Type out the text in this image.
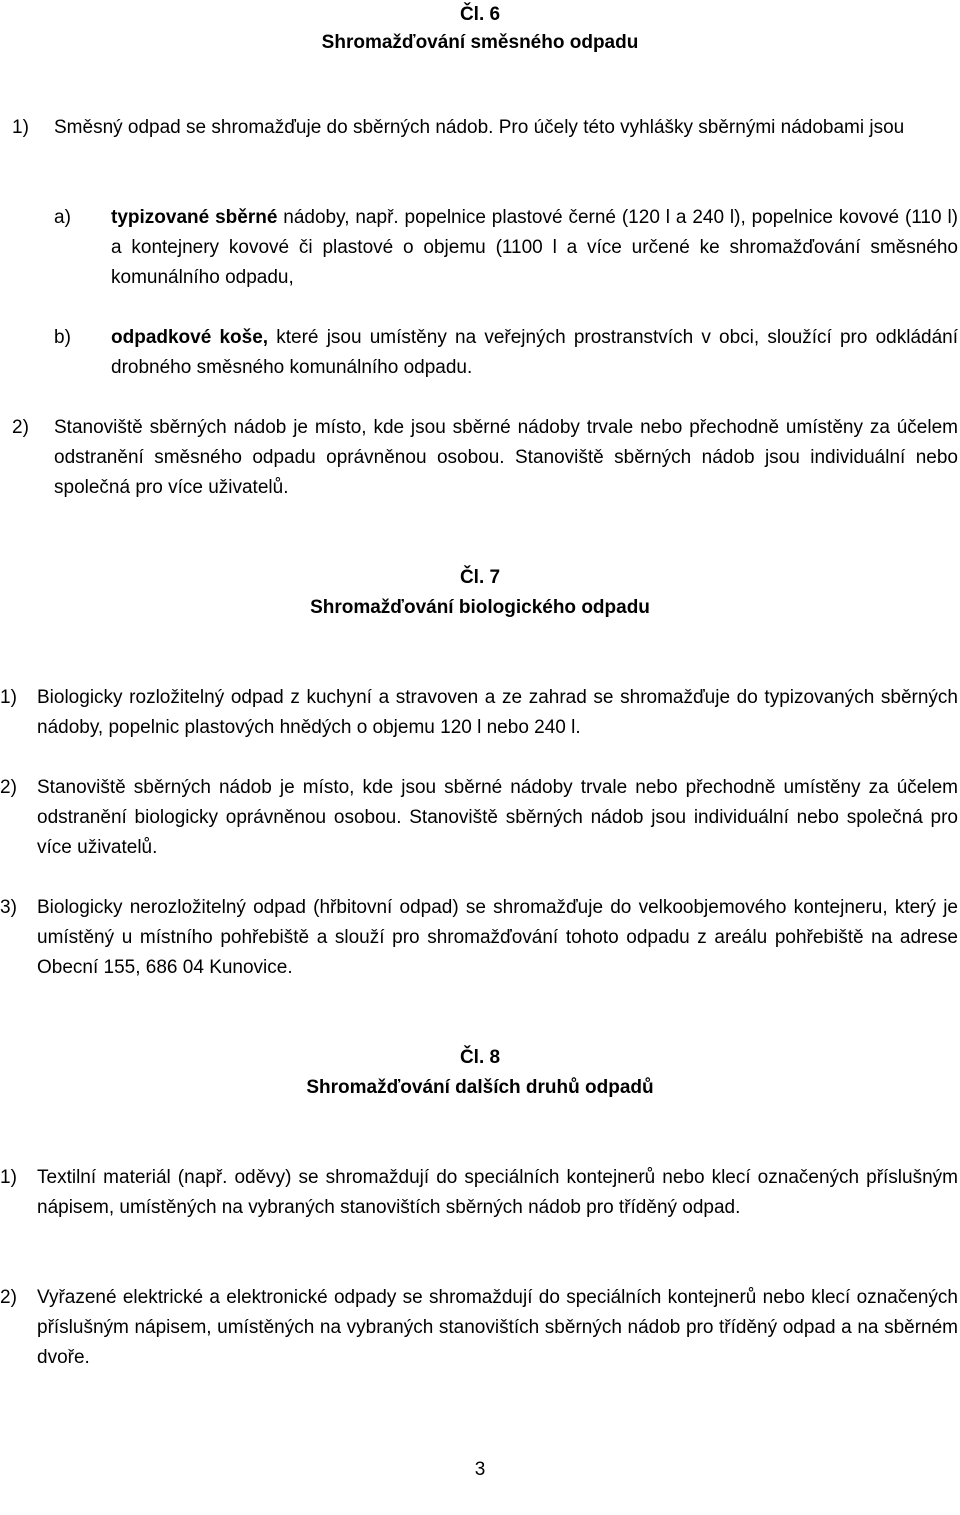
Čl. 6
Shromažďování směsného odpadu
1) Směsný odpad se shromažďuje do sběrných nádob. Pro účely této vyhlášky sběrnými nádobami jsou
a) typizované sběrné nádoby, např. popelnice plastové černé (120 l a 240 l), popelnice kovové (110 l) a kontejnery kovové či plastové o objemu (1100 l a více určené ke shromažďování směsného komunálního odpadu,
b) odpadkové koše, které jsou umístěny na veřejných prostranstvích v obci, sloužící pro odkládání drobného směsného komunálního odpadu.
2) Stanoviště sběrných nádob je místo, kde jsou sběrné nádoby trvale nebo přechodně umístěny za účelem odstranění směsného odpadu oprávněnou osobou. Stanoviště sběrných nádob jsou individuální nebo společná pro více uživatelů.
Čl. 7
Shromažďování biologického odpadu
1) Biologicky rozložitelný odpad z kuchyní a stravoven a ze zahrad se shromažďuje do typizovaných sběrných nádoby, popelnic plastových hnědých o objemu 120 l nebo 240 l.
2) Stanoviště sběrných nádob je místo, kde jsou sběrné nádoby trvale nebo přechodně umístěny za účelem odstranění biologicky oprávněnou osobou. Stanoviště sběrných nádob jsou individuální nebo společná pro více uživatelů.
3) Biologicky nerozložitelný odpad (hřbitovní odpad) se shromažďuje do velkoobjemového kontejneru, který je umístěný u místního pohřebiště a slouží pro shromažďování tohoto odpadu z areálu pohřebiště na adrese Obecní 155, 686 04 Kunovice.
Čl. 8
Shromažďování dalších druhů odpadů
1) Textilní materiál (např. oděvy) se shromaždují do speciálních kontejnerů nebo klecí označených příslušným nápisem, umístěných na vybraných stanovištích sběrných nádob pro tříděný odpad.
2) Vyřazené elektrické a elektronické odpady se shromaždují do speciálních kontejnerů nebo klecí označených příslušným nápisem, umístěných na vybraných stanovištích sběrných nádob pro tříděný odpad a na sběrném dvoře.
3
